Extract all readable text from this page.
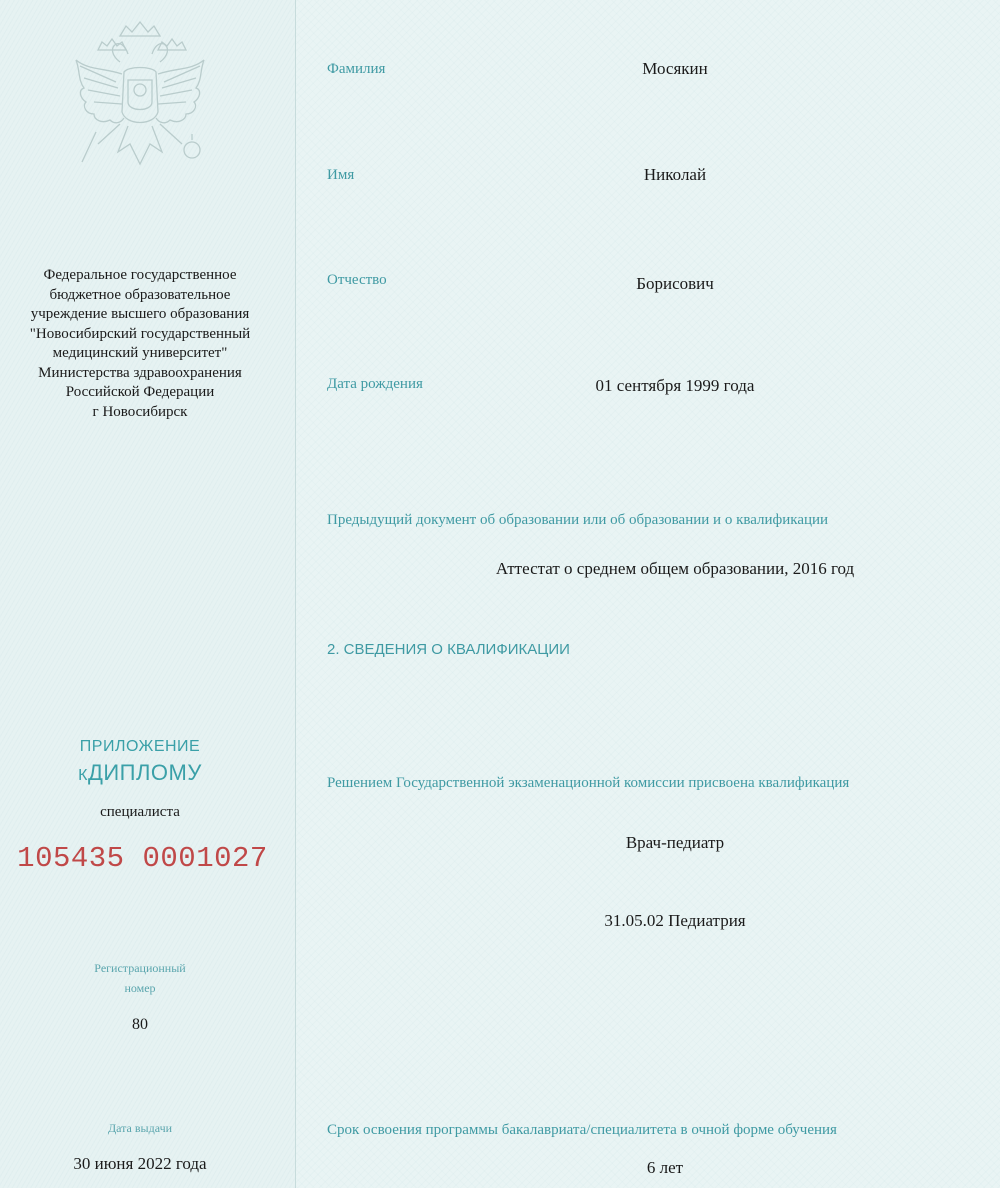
Федеральное государственное
бюджетное образовательное
учреждение высшего образования
"Новосибирский государственный
медицинский университет"
Министерства здравоохранения
Российской Федерации
г Новосибирск
ПРИЛОЖЕНИЕ
КДИПЛОМУ
специалиста
105435 0001027
Регистрационный
номер
80
Дата выдачи
30 июня 2022 года
Фамилия	Мосякин
Имя	Николай
Отчество	Борисович
Дата рождения	01 сентября 1999 года
Предыдущий документ об образовании или об образовании и о квалификации
Аттестат о среднем общем образовании, 2016 год
2. СВЕДЕНИЯ О КВАЛИФИКАЦИИ
Решением Государственной экзаменационной комиссии присвоена квалификация
Врач-педиатр
31.05.02 Педиатрия
Срок освоения программы бакалавриата/специалитета в очной форме обучения
6 лет
